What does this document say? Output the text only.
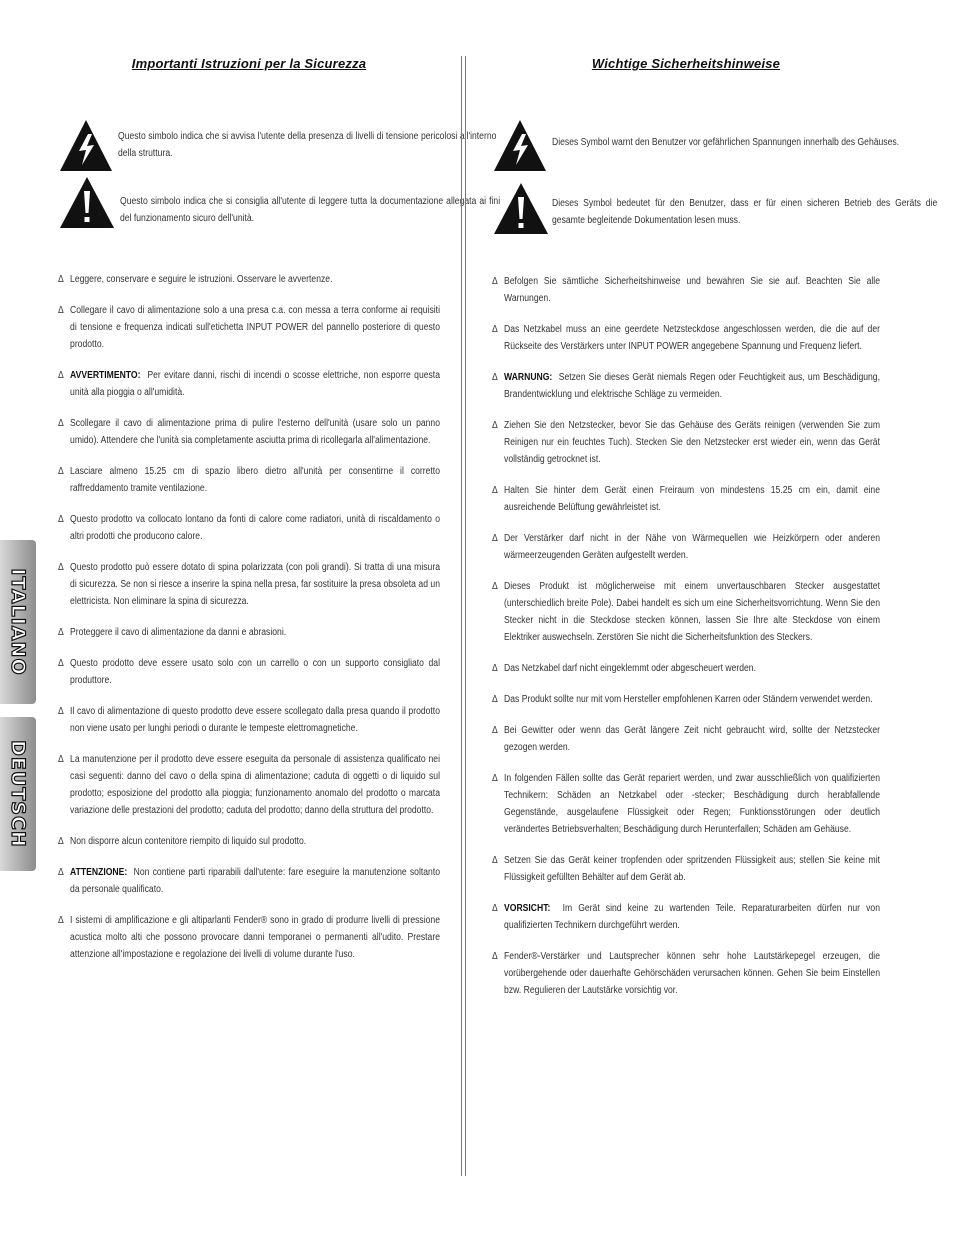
Importanti Istruzioni per la Sicurezza
Questo simbolo indica che si avvisa l'utente della presenza di livelli di tensione pericolosi all'interno della struttura.
Questo simbolo indica che si consiglia all'utente di leggere tutta la documentazione allegata ai fini del funzionamento sicuro dell'unità.
Δ Leggere, conservare e seguire le istruzioni. Osservare le avvertenze.
Δ Collegare il cavo di alimentazione solo a una presa c.a. con messa a terra conforme ai requisiti di tensione e frequenza indicati sull'etichetta INPUT POWER del pannello posteriore di questo prodotto.
Δ AVVERTIMENTO: Per evitare danni, rischi di incendi o scosse elettriche, non esporre questa unità alla pioggia o all'umidità.
Δ Scollegare il cavo di alimentazione prima di pulire l'esterno dell'unità (usare solo un panno umido). Attendere che l'unità sia completamente asciutta prima di ricollegarla all'alimentazione.
Δ Lasciare almeno 15.25 cm di spazio libero dietro all'unità per consentirne il corretto raffreddamento tramite ventilazione.
Δ Questo prodotto va collocato lontano da fonti di calore come radiatori, unità di riscaldamento o altri prodotti che producono calore.
Δ Questo prodotto può essere dotato di spina polarizzata (con poli grandi). Si tratta di una misura di sicurezza. Se non si riesce a inserire la spina nella presa, far sostituire la presa obsoleta ad un elettricista. Non eliminare la spina di sicurezza.
Δ Proteggere il cavo di alimentazione da danni e abrasioni.
Δ Questo prodotto deve essere usato solo con un carrello o con un supporto consigliato dal produttore.
Δ Il cavo di alimentazione di questo prodotto deve essere scollegato dalla presa quando il prodotto non viene usato per lunghi periodi o durante le tempeste elettromagnetiche.
Δ La manutenzione per il prodotto deve essere eseguita da personale di assistenza qualificato nei casi seguenti: danno del cavo o della spina di alimentazione; caduta di oggetti o di liquido sul prodotto; esposizione del prodotto alla pioggia; funzionamento anomalo del prodotto o marcata variazione delle prestazioni del prodotto; caduta del prodotto; danno della struttura del prodotto.
Δ Non disporre alcun contenitore riempito di liquido sul prodotto.
Δ ATTENZIONE: Non contiene parti riparabili dall'utente: fare eseguire la manutenzione soltanto da personale qualificato.
Δ I sistemi di amplificazione e gli altiparlanti Fender® sono in grado di produrre livelli di pressione acustica molto alti che possono provocare danni temporanei o permanenti all'udito. Prestare attenzione all'impostazione e regolazione dei livelli di volume durante l'uso.
Wichtige Sicherheitshinweise
Dieses Symbol warnt den Benutzer vor gefährlichen Spannungen innerhalb des Gehäuses.
Dieses Symbol bedeutet für den Benutzer, dass er für einen sicheren Betrieb des Geräts die gesamte begleitende Dokumentation lesen muss.
Δ Befolgen Sie sämtliche Sicherheitshinweise und bewahren Sie sie auf. Beachten Sie alle Warnungen.
Δ Das Netzkabel muss an eine geerdete Netzsteckdose angeschlossen werden, die die auf der Rückseite des Verstärkers unter INPUT POWER angegebene Spannung und Frequenz liefert.
Δ WARNUNG: Setzen Sie dieses Gerät niemals Regen oder Feuchtigkeit aus, um Beschädigung, Brandentwicklung und elektrische Schläge zu vermeiden.
Δ Ziehen Sie den Netzstecker, bevor Sie das Gehäuse des Geräts reinigen (verwenden Sie zum Reinigen nur ein feuchtes Tuch). Stecken Sie den Netzstecker erst wieder ein, wenn das Gerät vollständig getrocknet ist.
Δ Halten Sie hinter dem Gerät einen Freiraum von mindestens 15.25 cm ein, damit eine ausreichende Belüftung gewährleistet ist.
Δ Der Verstärker darf nicht in der Nähe von Wärmequellen wie Heizkörpern oder anderen wärmeerzeugenden Geräten aufgestellt werden.
Δ Dieses Produkt ist möglicherweise mit einem unvertauschbaren Stecker ausgestattet (unterschiedlich breite Pole). Dabei handelt es sich um eine Sicherheitsvorrichtung. Wenn Sie den Stecker nicht in die Steckdose stecken können, lassen Sie Ihre alte Steckdose von einem Elektriker auswechseln. Zerstören Sie nicht die Sicherheitsfunktion des Steckers.
Δ Das Netzkabel darf nicht eingeklemmt oder abgescheuert werden.
Δ Das Produkt sollte nur mit vom Hersteller empfohlenen Karren oder Ständern verwendet werden.
Δ Bei Gewitter oder wenn das Gerät längere Zeit nicht gebraucht wird, sollte der Netzstecker gezogen werden.
Δ In folgenden Fällen sollte das Gerät repariert werden, und zwar ausschließlich von qualifizierten Technikern: Schäden an Netzkabel oder -stecker; Beschädigung durch herabfallende Gegenstände, ausgelaufene Flüssigkeit oder Regen; Funktionsstörungen oder deutlich verändertes Betriebsverhalten; Beschädigung durch Herunterfallen; Schäden am Gehäuse.
Δ Setzen Sie das Gerät keiner tropfenden oder spritzenden Flüssigkeit aus; stellen Sie keine mit Flüssigkeit gefüllten Behälter auf dem Gerät ab.
Δ VORSICHT: Im Gerät sind keine zu wartenden Teile. Reparaturarbeiten dürfen nur von qualifizierten Technikern durchgeführt werden.
Δ Fender®-Verstärker und Lautsprecher können sehr hohe Lautstärkepegel erzeugen, die vorübergehende oder dauerhafte Gehörschäden verursachen können. Gehen Sie beim Einstellen bzw. Regulieren der Lautstärke vorsichtig vor.
ITALIANO
DEUTSCH
